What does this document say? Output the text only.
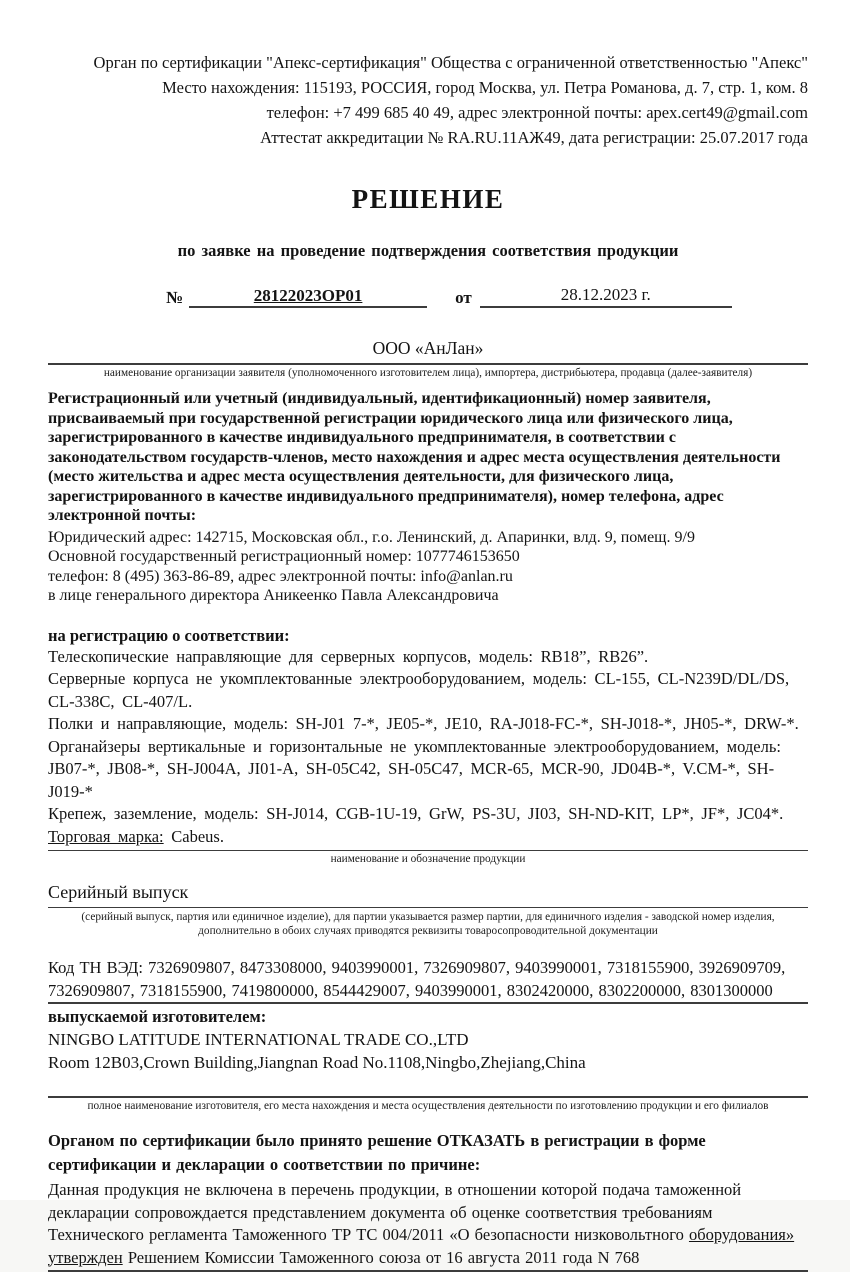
Орган по сертификации "Апекс-сертификация" Общества с ограниченной ответственностью "Апекс"
Место нахождения: 115193, РОССИЯ, город Москва, ул. Петра Романова, д. 7, стр. 1, ком. 8
телефон: +7 499 685 40 49, адрес электронной почты: apex.cert49@gmail.com
Аттестат аккредитации № RA.RU.11АЖ49, дата регистрации: 25.07.2017 года
РЕШЕНИЕ
по заявке на проведение подтверждения соответствия продукции
№	28122023ОР01	от	28.12.2023 г.
ООО «АнЛан»
наименование организации заявителя (уполномоченного изготовителем лица), импортера, дистрибьютера, продавца (далее-заявителя)
Регистрационный или учетный (индивидуальный, идентификационный) номер заявителя, присваиваемый при государственной регистрации юридического лица или физического лица, зарегистрированного в качестве индивидуального предпринимателя, в соответствии с законодательством государств-членов, место нахождения и адрес места осуществления деятельности (место жительства и адрес места осуществления деятельности, для физического лица, зарегистрированного в качестве индивидуального предпринимателя), номер телефона, адрес электронной почты:
Юридический адрес: 142715, Московская обл., г.о. Ленинский, д. Апаринки, влд. 9, помещ. 9/9
Основной государственный регистрационный номер: 1077746153650
телефон: 8 (495) 363-86-89, адрес электронной почты: info@anlan.ru
в лице генерального директора Аникеенко Павла Александровича
на регистрацию о соответствии:

Телескопические направляющие для серверных корпусов, модель: RB18”, RB26”.

Серверные корпуса не укомплектованные электрооборудованием, модель: CL-155, CL-N239D/DL/DS, CL-338C, CL-407/L.

Полки и направляющие, модель: SH-J01 7-*, JE05-*, JE10, RA-J018-FC-*, SH-J018-*, JH05-*, DRW-*. Органайзеры вертикальные и горизонтальные не укомплектованные электрооборудованием, модель: JB07-*, JB08-*, SH-J004A, JI01-A, SH-05C42, SH-05C47, MCR-65, MCR-90, JD04B-*, V.CM-*, SH-J019-*

Крепеж, заземление, модель: SH-J014, CGB-1U-19, GrW, PS-3U, JI03, SH-ND-KIT, LP*, JF*, JC04*. Торговая марка: Cabeus.

наименование и обозначение продукции
Серийный выпуск
(серийный выпуск, партия или единичное изделие), для партии указывается размер партии, для единичного изделия - заводской номер изделия, дополнительно в обоих случаях приводятся реквизиты товаросопроводительной документации
Код ТН ВЭД: 7326909807, 8473308000, 9403990001, 7326909807, 9403990001, 7318155900, 3926909709, 7326909807, 7318155900, 7419800000, 8544429007, 9403990001, 8302420000, 8302200000, 8301300000
выпускаемой изготовителем:
NINGBO LATITUDE INTERNATIONAL TRADE CO.,LTD
Room 12B03,Crown Building,Jiangnan Road No.1108,Ningbo,Zhejiang,China
полное наименование изготовителя, его места нахождения и места осуществления деятельности по изготовлению продукции и его филиалов
Органом по сертификации было принято решение ОТКАЗАТЬ в регистрации в форме сертификации и декларации о соответствии по причине:
Данная продукция не включена в перечень продукции, в отношении которой подача таможенной декларации сопровождается представлением документа об оценке соответствия требованиям Технического регламента Таможенного ТР ТС 004/2011 «О безопасности низковольтного оборудования» утвержден Решением Комиссии Таможенного союза от 16 августа 2011 года N 768
